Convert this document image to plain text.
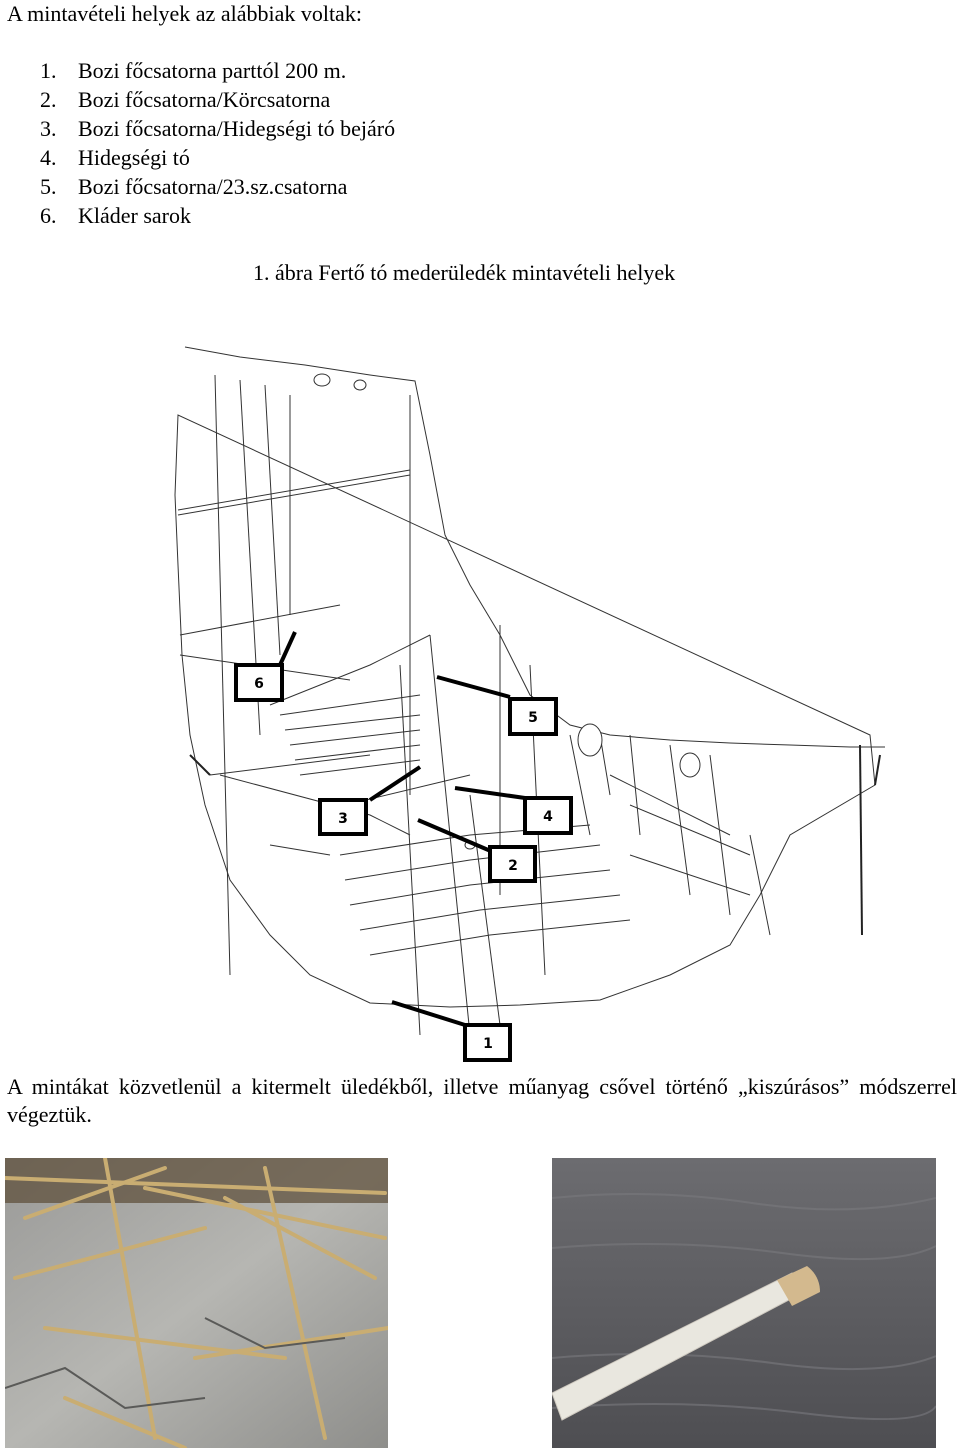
A mintavételi helyek az alábbiak voltak:
1. Bozi főcsatorna parttól 200 m.
2. Bozi főcsatorna/Körcsatorna
3. Bozi főcsatorna/Hidegségi tó bejáró
4. Hidegségi tó
5. Bozi főcsatorna/23.sz.csatorna
6. Kláder sarok
1. ábra Fertő tó mederüledék mintavételi helyek
1
2
3	4
5
6
A mintákat közvetlenül a kitermelt üledékből, illetve műanyag csővel történő „kiszúrásos” módszerrel végeztük.
